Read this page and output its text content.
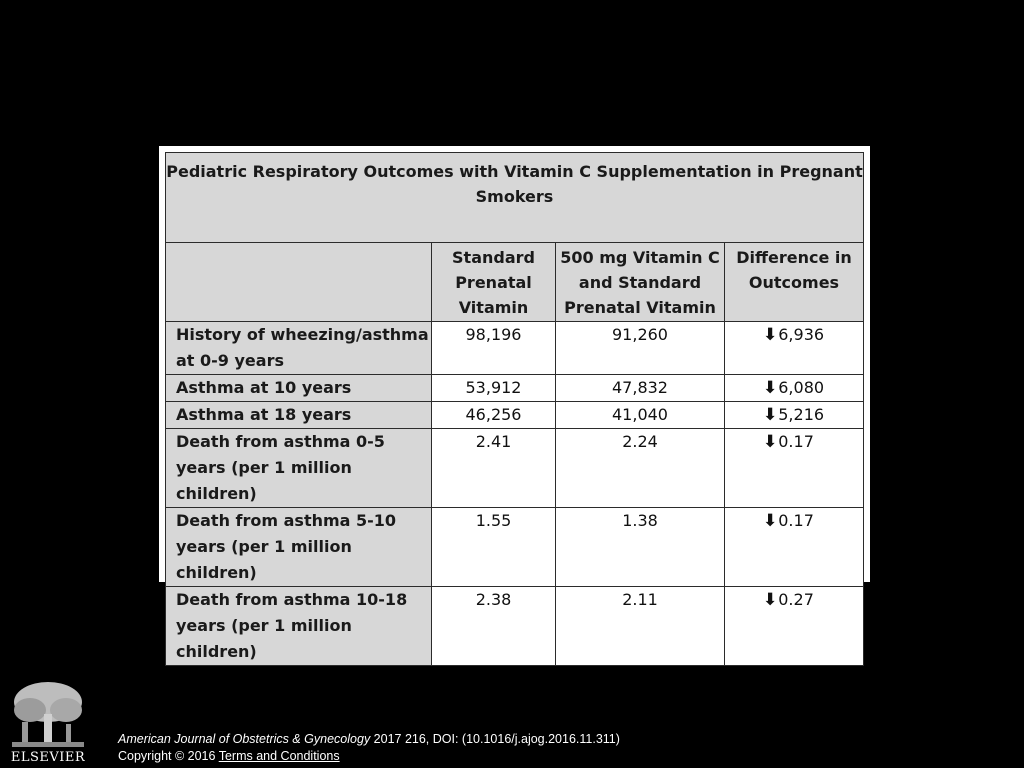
Pediatric Respiratory Outcomes with Vitamin C Supplementation in Pregnant Smokers			
	Standard Prenatal Vitamin	500 mg Vitamin C and Standard Prenatal Vitamin	Difference in Outcomes
History of wheezing/asthma at 0-9 years	98,196	91,260	⬇6,936
Asthma at 10 years	53,912	47,832	⬇6,080
Asthma at 18 years	46,256	41,040	⬇5,216
Death from asthma 0-5 years (per 1 million children)	2.41	2.24	⬇0.17
Death from asthma 5-10 years (per 1 million children)	1.55	1.38	⬇0.17
Death from asthma 10-18 years (per 1 million children)	2.38	2.11	⬇0.27
ELSEVIER
American Journal of Obstetrics & Gynecology 2017 216, DOI: (10.1016/j.ajog.2016.11.311)
Copyright © 2016 Terms and Conditions
